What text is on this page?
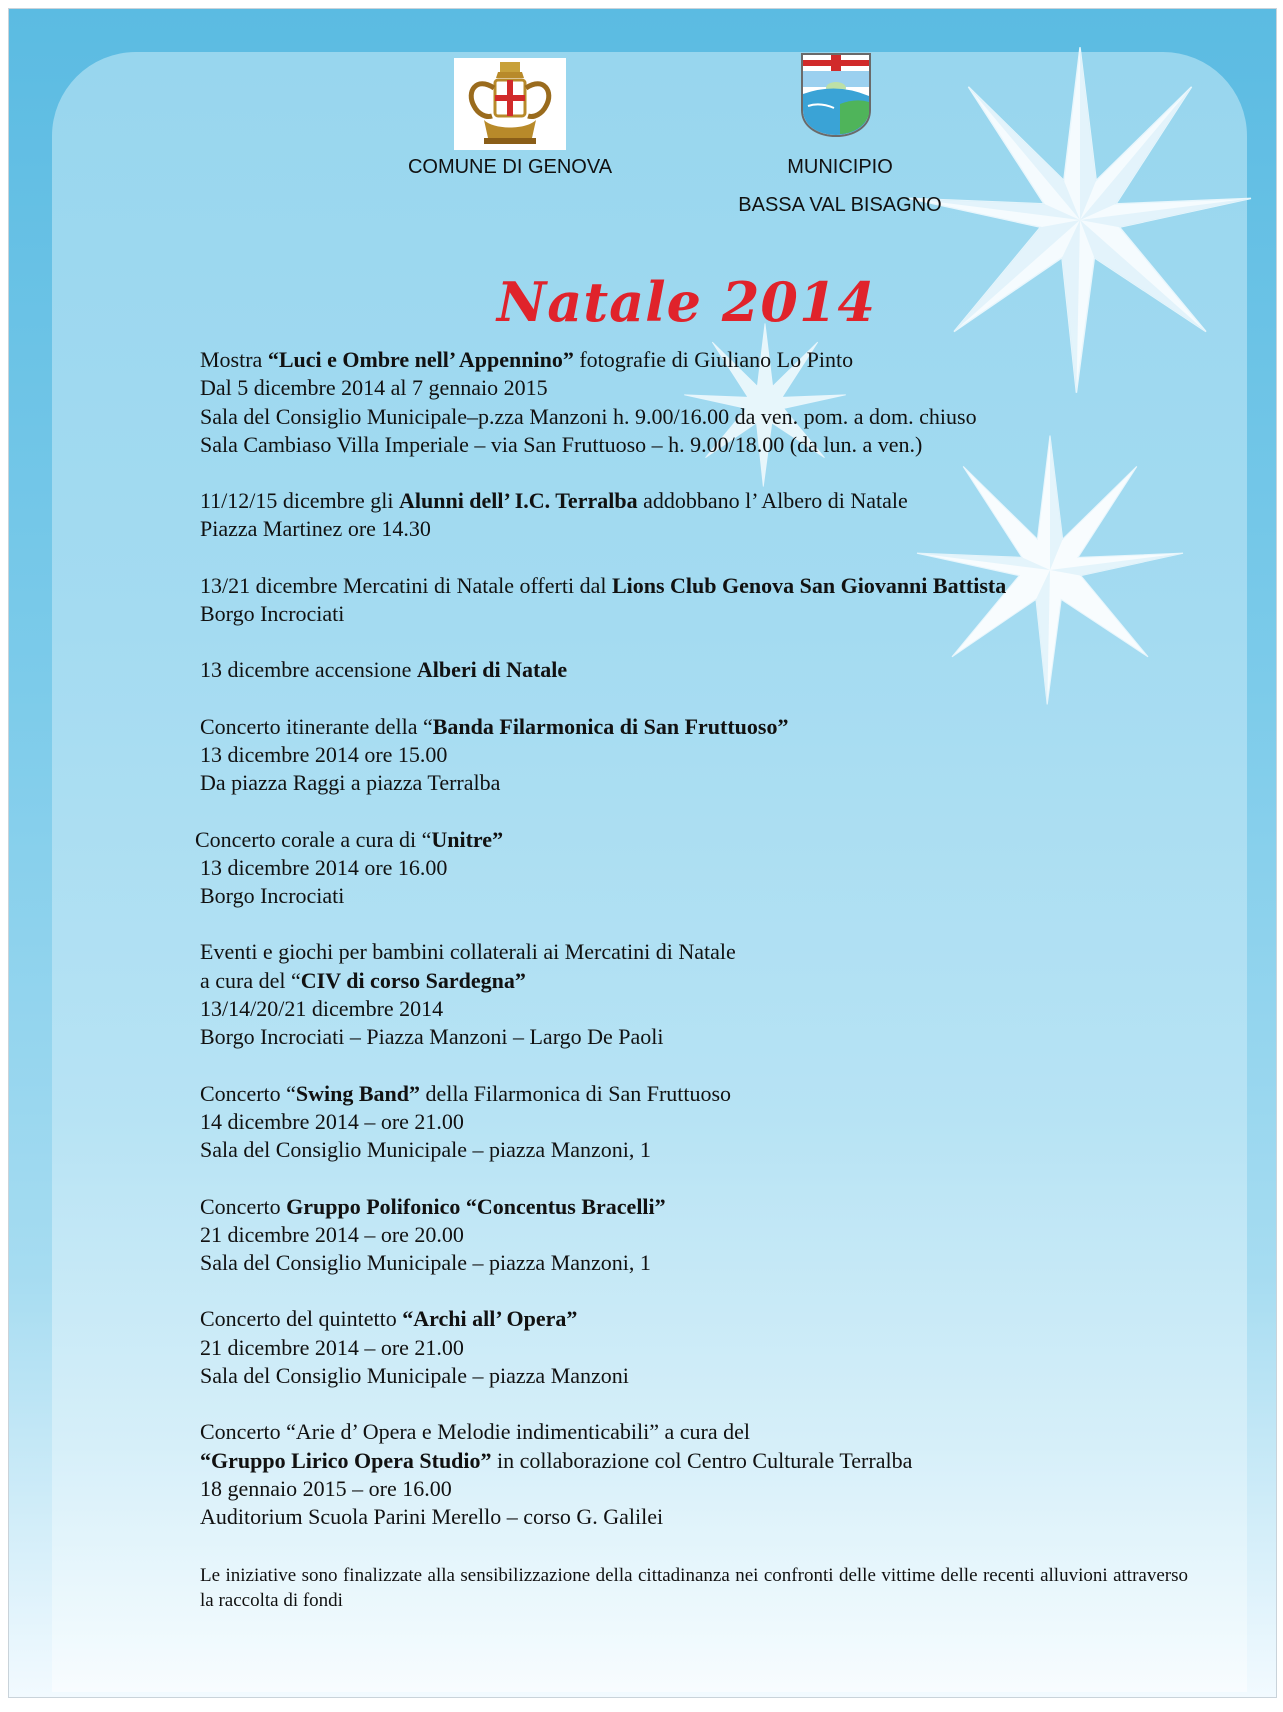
COMUNE DI GENOVA	MUNICIPIO
BASSA VAL BISAGNO
Natale 2014
Mostra “Luci e Ombre nell’ Appennino” fotografie di Giuliano Lo Pinto
Dal 5 dicembre 2014 al 7 gennaio 2015
Sala del Consiglio Municipale–p.zza Manzoni h. 9.00/16.00 da ven. pom. a dom. chiuso
Sala Cambiaso Villa Imperiale – via San Fruttuoso – h. 9.00/18.00 (da lun. a ven.)
11/12/15 dicembre gli Alunni dell’ I.C. Terralba addobbano l’ Albero di Natale
Piazza Martinez ore 14.30
13/21 dicembre Mercatini di Natale offerti dal Lions Club Genova San Giovanni Battista
Borgo Incrociati
13 dicembre accensione Alberi di Natale
Concerto itinerante della “Banda Filarmonica di San Fruttuoso”
13 dicembre 2014 ore 15.00
Da piazza Raggi a piazza Terralba
Concerto corale a cura di “Unitre”
13 dicembre 2014 ore 16.00
Borgo Incrociati
Eventi e giochi per bambini collaterali ai Mercatini di Natale
a cura del “CIV di corso Sardegna”
13/14/20/21 dicembre 2014
Borgo Incrociati – Piazza Manzoni – Largo De Paoli
Concerto “Swing Band” della Filarmonica di San Fruttuoso
14 dicembre 2014 – ore 21.00
Sala del Consiglio Municipale – piazza Manzoni, 1
Concerto Gruppo Polifonico “Concentus Bracelli”
21 dicembre 2014 – ore 20.00
Sala del Consiglio Municipale – piazza Manzoni, 1
Concerto del quintetto “Archi all’ Opera”
21 dicembre 2014 – ore 21.00
Sala del Consiglio Municipale – piazza Manzoni
Concerto “Arie d’ Opera e Melodie indimenticabili” a cura del
“Gruppo Lirico Opera Studio” in collaborazione col Centro Culturale Terralba
18 gennaio 2015 – ore 16.00
Auditorium Scuola Parini Merello – corso G. Galilei
Le iniziative sono finalizzate alla sensibilizzazione della cittadinanza nei confronti delle vittime delle recenti alluvioni attraverso la raccolta di fondi
